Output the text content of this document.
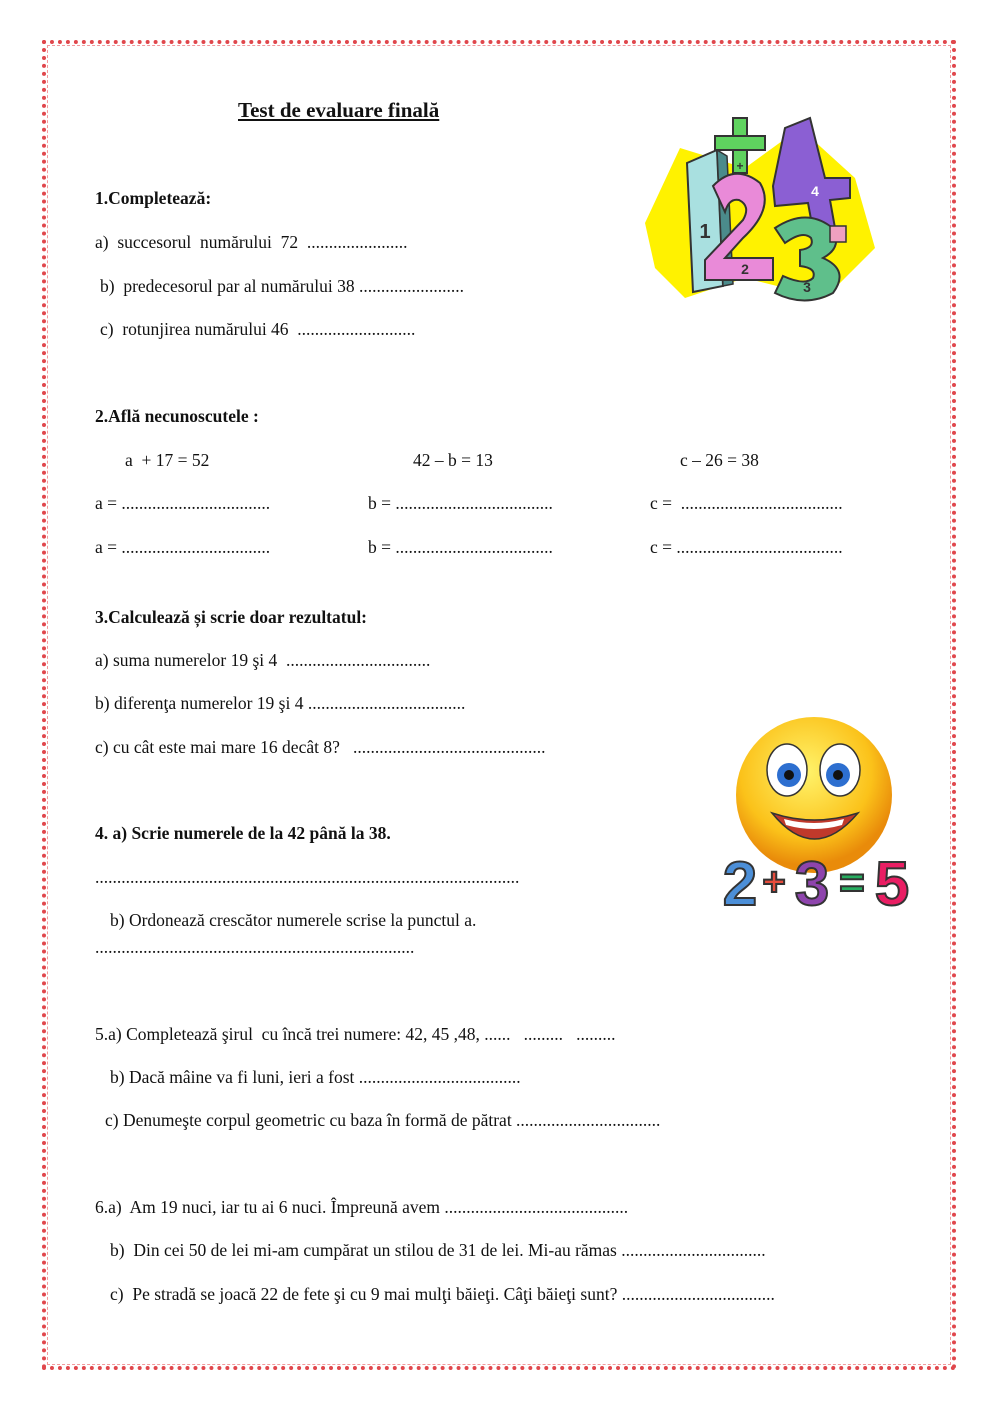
Test de evaluare finală
1.Completează:
a)  succesorul  numărului  72  .......................
b)  predecesorul par al numărului 38 ........................
c)  rotunjirea numărului 46  ...........................
2.Află necunoscutele :
a  + 17 = 52	42 – b = 13	c – 26 = 38
a = ..................................	b = ....................................	c =  .....................................
a = ..................................	b = ....................................	c = ......................................
3.Calculează și scrie doar rezultatul:
a) suma numerelor 19 şi 4  .................................
b) diferenţa numerelor 19 şi 4 ....................................
c) cu cât este mai mare 16 decât 8?   ............................................
4. a) Scrie numerele de la 42 până la 38.
.................................................................................................
b) Ordonează crescător numerele scrise la punctul a.
.........................................................................
5.a) Completează şirul  cu încă trei numere: 42, 45 ,48, ......   .........   .........
b) Dacă mâine va fi luni, ieri a fost .....................................
c) Denumeşte corpul geometric cu baza în formă de pătrat .................................
6.a)  Am 19 nuci, iar tu ai 6 nuci. Împreună avem ..........................................
b)  Din cei 50 de lei mi-am cumpărat un stilou de 31 de lei. Mi-au rămas .................................
c)  Pe stradă se joacă 22 de fete şi cu 9 mai mulţi băieţi. Câţi băieţi sunt? ...................................
1
+
2
4
3
2 + 3 = 5
